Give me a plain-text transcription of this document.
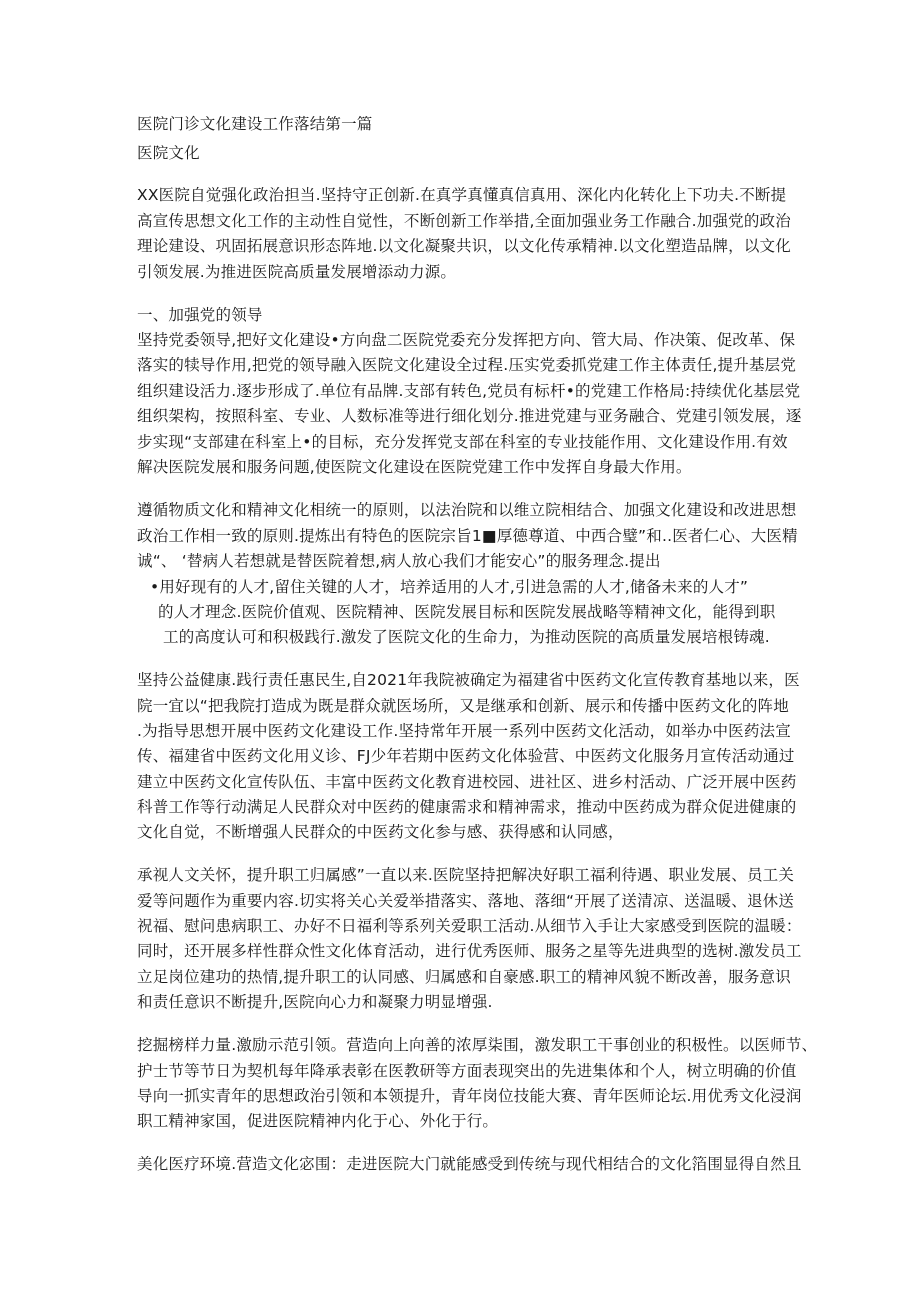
医院门诊文化建设工作落结第一篇
医院文化
XX医院自觉强化政治担当.坚持守正创新.在真学真懂真信真用、深化内化转化上下功夫.不断提
高宣传思想文化工作的主动性自觉性，不断创新工作举措,全面加强业务工作融合.加强党的政治
理论建设、巩固拓展意识形态阵地.以文化凝聚共识，以文化传承精神.以文化塑造品牌，以文化
引领发展.为推进医院高质量发展增添动力源。
一、加强党的领导
坚持党委领导,把好文化建设•方向盘二医院党委充分发挥把方向、管大局、作决策、促改革、保
落实的犊导作用,把党的领导融入医院文化建设全过程.压实党委抓党建工作主体责任,提升基层党
组织建设活力.逐步形成了.单位有品牌.支部有转色,党员有标杆•的党建工作格局:持续优化基层党
组织架构，按照科室、专业、人数标准等进行细化划分.推进党建与亚务融合、党建引领发展，逐
步实现“支部建在科室上•的目标，充分发挥党支部在科室的专业技能作用、文化建设作用.有效
解决医院发展和服务问题,使医院文化建设在医院党建工作中发挥自身最大作用。
遵循物质文化和精神文化相统一的原则，以法治院和以维立院相结合、加强文化建设和改进思想
政治工作相一致的原则.提炼出有特色的医院宗旨1■厚德尊道、中西合璧”和..医者仁心、大医精
诚“、 ‘替病人若想就是替医院着想,病人放心我们才能安心”的服务理念.提出
•用好现有的人才,留住关键的人才，培养适用的人才,引进急需的人才,储备未来的人才”
的人才理念.医院价值观、医院精神、医院发展目标和医院发展战略等精神文化，能得到职
工的高度认可和积极践行.激发了医院文化的生命力，为推动医院的高质量发展培根铸魂.
坚持公益健康.践行责任惠民生,自2021年我院被确定为福建省中医药文化宣传教育基地以来，医
院一宜以“把我院打造成为既是群众就医场所，又是继承和创新、展示和传播中医药文化的阵地
.为指导思想开展中医药文化建设工作.坚持常年开展一系列中医药文化活动，如举办中医药法宣
传、福建省中医药文化用义诊、FJ少年若期中医药文化体验营、中医药文化服务月宣传活动通过
建立中医药文化宣传队伍、丰富中医药文化教育进校园、进社区、进乡村活动、广泛开展中医药
科普工作等行动满足人民群众对中医药的健康需求和精神需求，推动中医药成为群众促进健康的
文化自觉，不断增强人民群众的中医药文化参与感、获得感和认同感，
承视人文关怀，提升职工归属感”一直以来.医院坚持把解决好职工福利待遇、职业发展、员工关
爱等问题作为重要内容.切实将关心关爱举措落实、落地、落细“开展了送清凉、送温暖、退休送
祝福、慰问患病职工、办好不日福利等系列关爱职工活动.从细节入手让大家感受到医院的温暖：
同时，还开展多样性群众性文化体育活动，进行优秀医师、服务之星等先进典型的选树.激发员工
立足岗位建功的热情,提升职工的认同感、归属感和自豪感.职工的精神风貌不断改善，服务意识
和责任意识不断提升,医院向心力和凝聚力明显增强.
挖掘榜样力量.激励示范引领。营造向上向善的浓厚柒围，激发职工干事创业的积极性。以医师节、
护士节等节日为契机每年降承表彰在医教研等方面表现突出的先进集体和个人，树立明确的价值
导向一抓实青年的思想政治引领和本领提升，青年岗位技能大赛、青年医师论坛.用优秀文化浸润
职工精神家国，促进医院精神内化于心、外化于行。
美化医疗环境.营造文化宓围：走进医院大门就能感受到传统与现代相结合的文化箔围显得自然且
